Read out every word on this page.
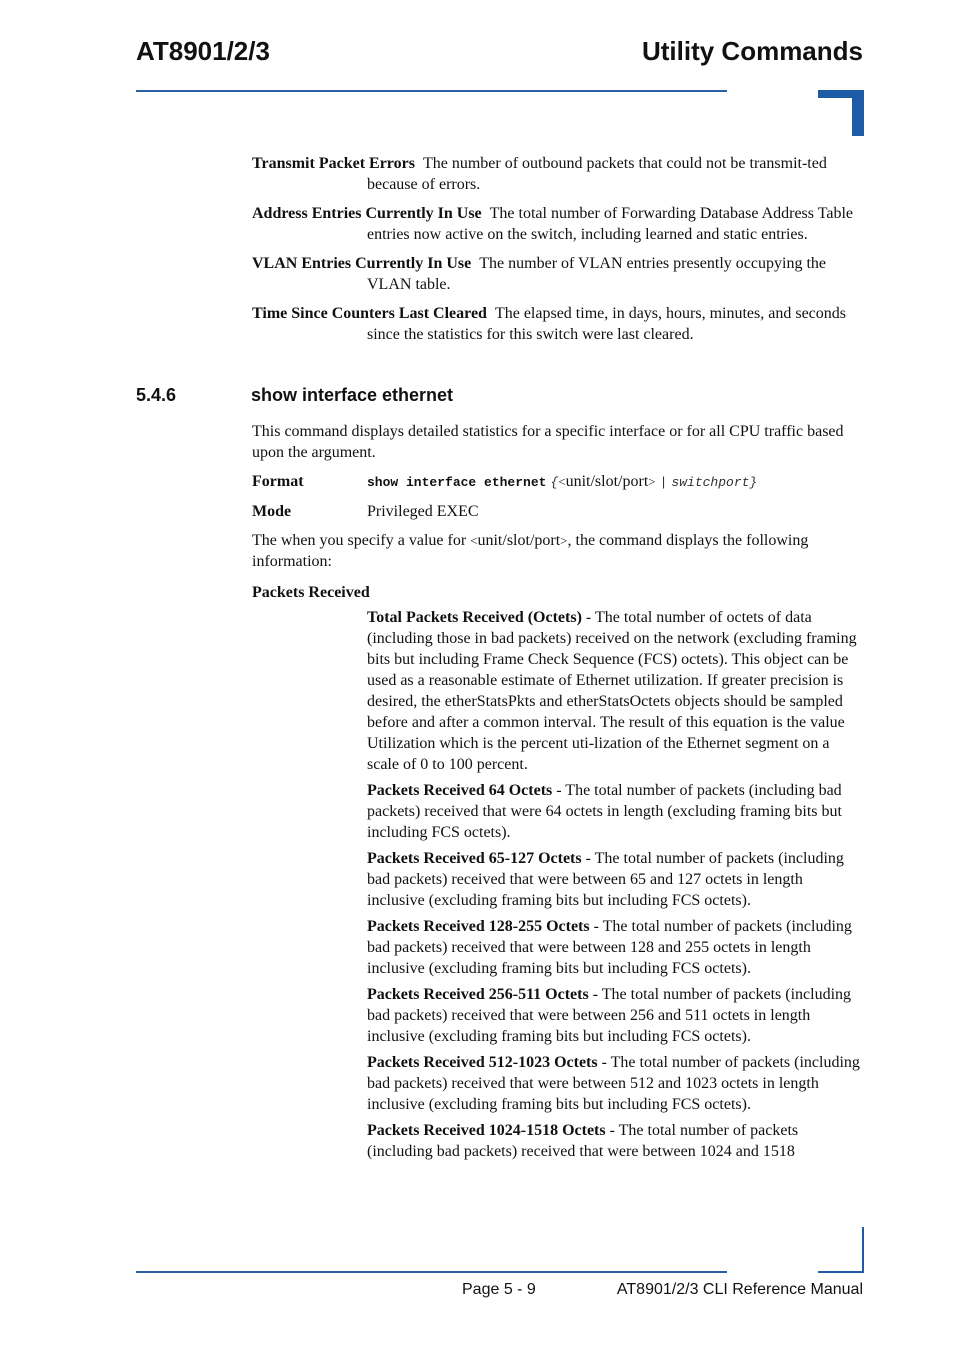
AT8901/2/3	Utility Commands
Transmit Packet Errors The number of outbound packets that could not be transmit-ted because of errors.
Address Entries Currently In Use The total number of Forwarding Database Address Table entries now active on the switch, including learned and static entries.
VLAN Entries Currently In Use The number of VLAN entries presently occupying the VLAN table.
Time Since Counters Last Cleared The elapsed time, in days, hours, minutes, and seconds since the statistics for this switch were last cleared.
5.4.6	show interface ethernet

This command displays detailed statistics for a specific interface or for all CPU traffic based upon the argument.

Format	show interface ethernet {<unit/slot/port> | switchport}
Mode	Privileged EXEC

The when you specify a value for <unit/slot/port>, the command displays the following information:

Packets Received

Total Packets Received (Octets) - The total number of octets of data (including those in bad packets) received on the network (excluding framing bits but including Frame Check Sequence (FCS) octets). This object can be used as a reasonable estimate of Ethernet utilization. If greater precision is desired, the etherStatsPkts and etherStatsOctets objects should be sampled before and after a common interval. The result of this equation is the value Utilization which is the percent uti-lization of the Ethernet segment on a scale of 0 to 100 percent.

Packets Received 64 Octets - The total number of packets (including bad packets) received that were 64 octets in length (excluding framing bits but including FCS octets).

Packets Received 65-127 Octets - The total number of packets (including bad packets) received that were between 65 and 127 octets in length inclusive (excluding framing bits but including FCS octets).

Packets Received 128-255 Octets - The total number of packets (including bad packets) received that were between 128 and 255 octets in length inclusive (excluding framing bits but including FCS octets).

Packets Received 256-511 Octets - The total number of packets (including bad packets) received that were between 256 and 511 octets in length inclusive (excluding framing bits but including FCS octets).

Packets Received 512-1023 Octets - The total number of packets (including bad packets) received that were between 512 and 1023 octets in length inclusive (excluding framing bits but including FCS octets).

Packets Received 1024-1518 Octets - The total number of packets (including bad packets) received that were between 1024 and 1518

Page 5 - 9	AT8901/2/3 CLI Reference Manual
